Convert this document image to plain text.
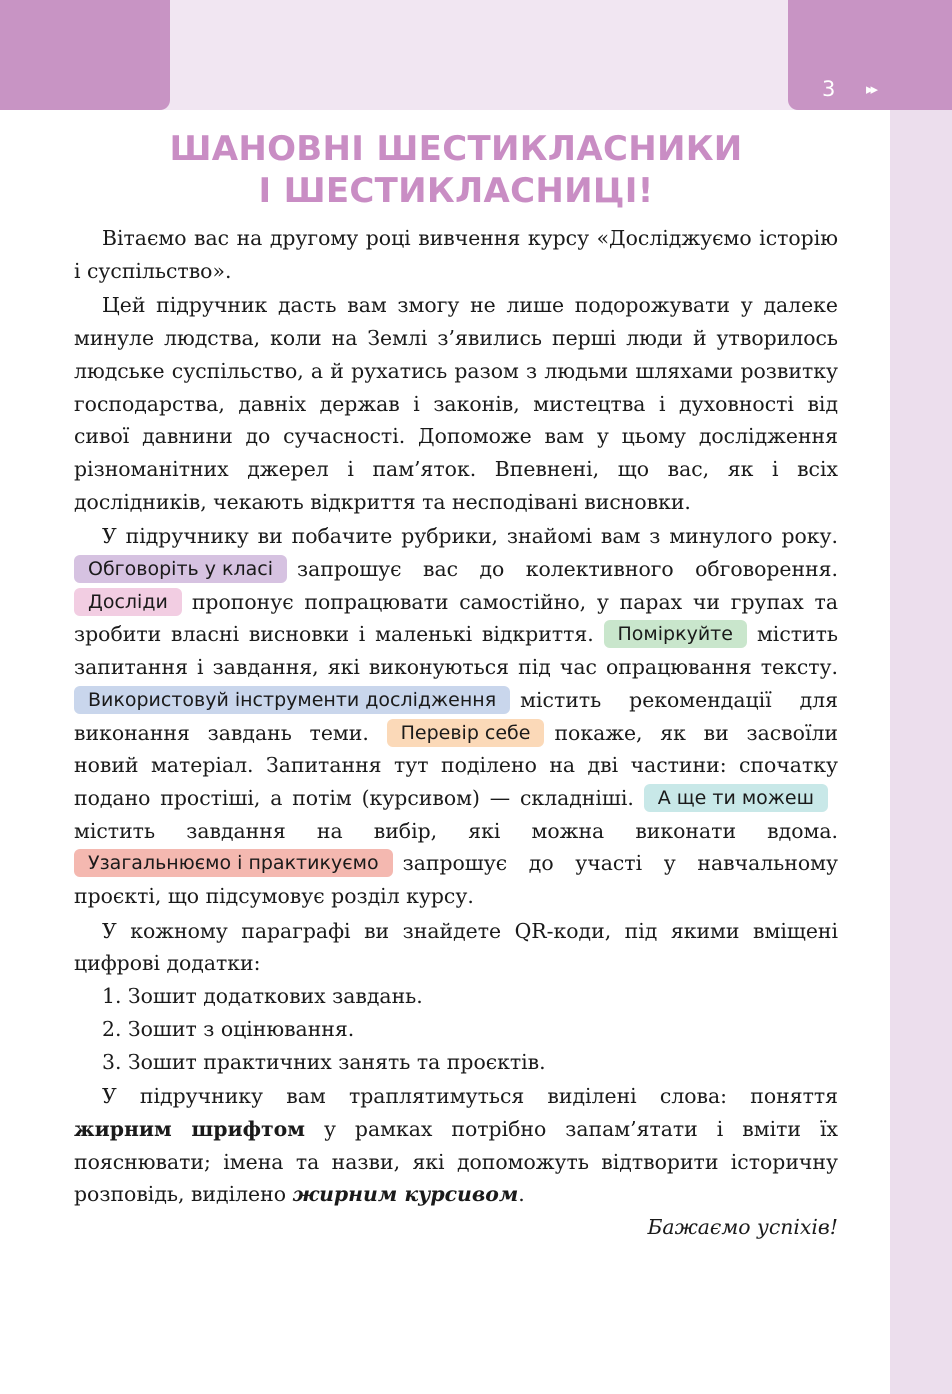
3	▸▸
ШАНОВНІ ШЕСТИКЛАСНИКИ
І ШЕСТИКЛАСНИЦІ!

Вітаємо вас на другому році вивчення курсу «Досліджуємо історію і суспільство».

Цей підручник дасть вам змогу не лише подорожувати у далеке минуле людства, коли на Землі з’явились перші люди й утворилось людське суспільство, а й рухатись разом з людьми шляхами розвитку господарства, давніх держав і законів, мистецтва і духовності від сивої давнини до сучасності. Допоможе вам у цьому дослідження різноманітних джерел і пам’яток. Впевнені, що вас, як і всіх дослідників, чекають відкриття та несподівані висновки.

У підручнику ви побачите рубрики, знайомі вам з минулого року. Обговоріть у класі запрошує вас до колективного обговорення. Досліди пропонує попрацювати самостійно, у парах чи групах та зробити власні висновки і маленькі відкриття. Поміркуйте містить запитання і завдання, які виконуються під час опрацювання тексту. Використовуй інструменти дослідження містить рекомендації для виконання завдань теми. Перевір себе покаже, як ви засвоїли новий матеріал. Запитання тут поділено на дві частини: спочатку подано простіші, а потім (курсивом) — складніші. А ще ти можешмістить завдання на вибір, які можна виконати вдома. Узагальнюємо і практикуємо запрошує до участі у навчальному проєкті, що підсумовує розділ курсу.

У кожному параграфі ви знайдете QR-коди, під якими вміщені цифрові додатки:

1. Зошит додаткових завдань.
2. Зошит з оцінювання.
3. Зошит практичних занять та проєктів.

У підручнику вам траплятимуться виділені слова: поняття жирним шрифтом у рамках потрібно запам’ятати і вміти їх пояснювати; імена та назви, які допоможуть відтворити історичну розповідь, виділено жирним курсивом.

Бажаємо успіхів!
